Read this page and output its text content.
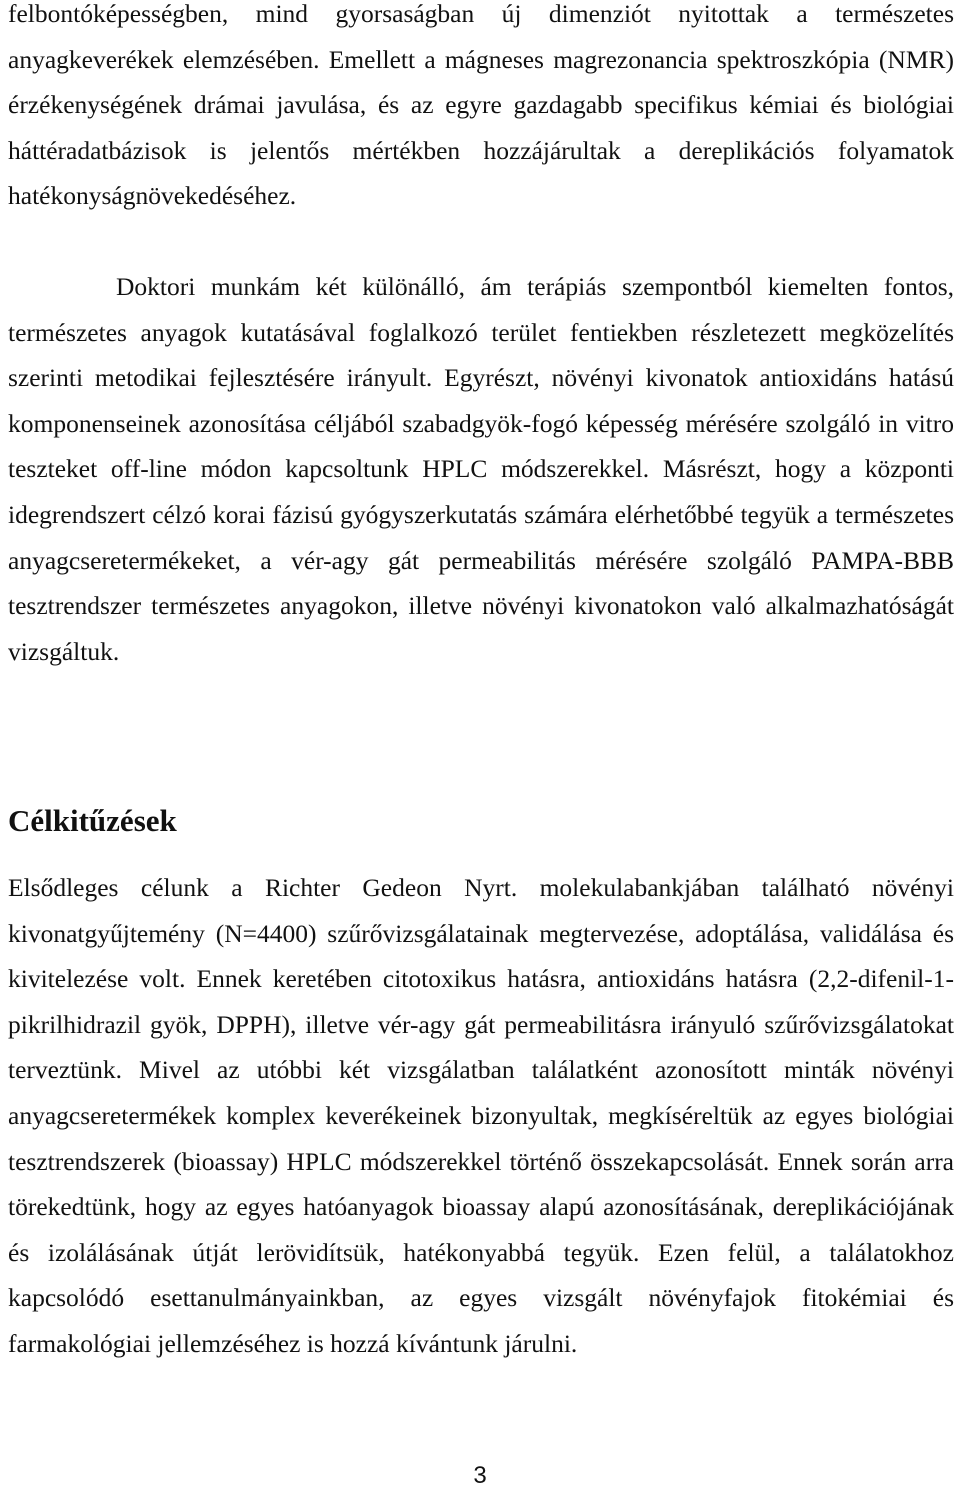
felbontóképességben, mind gyorsaságban új dimenziót nyitottak a természetes anyagkeverékek elemzésében. Emellett a mágneses magrezonancia spektroszkópia (NMR) érzékenységének drámai javulása, és az egyre gazdagabb specifikus kémiai és biológiai háttéradatbázisok is jelentős mértékben hozzájárultak a dereplikációs folyamatok hatékonyságnövekedéséhez.

Doktori munkám két különálló, ám terápiás szempontból kiemelten fontos, természetes anyagok kutatásával foglalkozó terület fentiekben részletezett megközelítés szerinti metodikai fejlesztésére irányult. Egyrészt, növényi kivonatok antioxidáns hatású komponenseinek azonosítása céljából szabadgyök-fogó képesség mérésére szolgáló in vitro teszteket off-line módon kapcsoltunk HPLC módszerekkel. Másrészt, hogy a központi idegrendszert célzó korai fázisú gyógyszerkutatás számára elérhetőbbé tegyük a természetes anyagcseretermékeket, a vér-agy gát permeabilitás mérésére szolgáló PAMPA-BBB tesztrendszer természetes anyagokon, illetve növényi kivonatokon való alkalmazhatóságát vizsgáltuk.

Célkitűzések

Elsődleges célunk a Richter Gedeon Nyrt. molekulabankjában található növényi kivonatgyűjtemény (N=4400) szűrővizsgálatainak megtervezése, adoptálása, validálása és kivitelezése volt. Ennek keretében citotoxikus hatásra, antioxidáns hatásra (2,2-difenil-1-pikrilhidrazil gyök, DPPH), illetve vér-agy gát permeabilitásra irányuló szűrővizsgálatokat terveztünk. Mivel az utóbbi két vizsgálatban találatként azonosított minták növényi anyagcseretermékek komplex keverékeinek bizonyultak, megkíséreltük az egyes biológiai tesztrendszerek (bioassay) HPLC módszerekkel történő összekapcsolását. Ennek során arra törekedtünk, hogy az egyes hatóanyagok bioassay alapú azonosításának, dereplikációjának és izolálásának útját lerövidítsük, hatékonyabbá tegyük. Ezen felül, a találatokhoz kapcsolódó esettanulmányainkban, az egyes vizsgált növényfajok fitokémiai és farmakológiai jellemzéséhez is hozzá kívántunk járulni.

3
